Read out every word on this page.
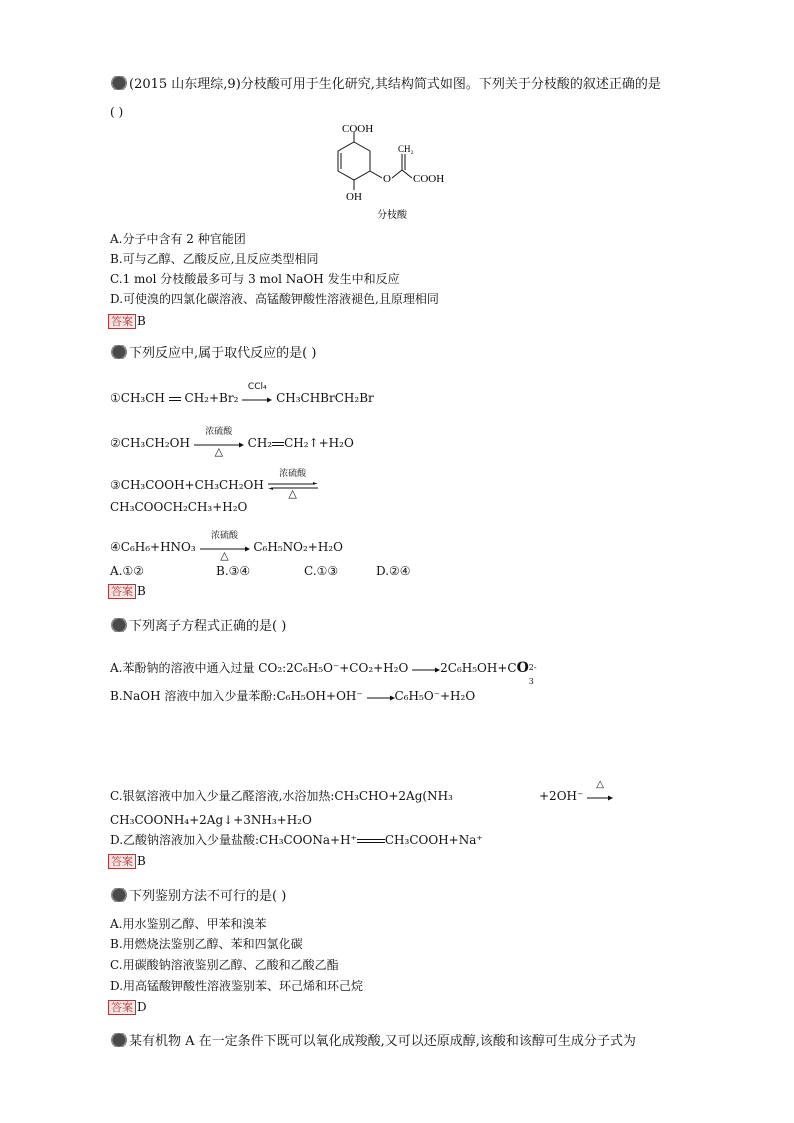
(2015 山东理综,9)分枝酸可用于生化研究,其结构简式如图。下列关于分枝酸的叙述正确的是
( )
COOH
CH₂
O COOH
OH
分枝酸
A.分子中含有 2 种官能团
B.可与乙醇、乙酸反应,且反应类型相同
C.1 mol 分枝酸最多可与 3 mol NaOH 发生中和反应
D.可使溴的四氯化碳溶液、高锰酸钾酸性溶液褪色,且原理相同
答案 B
下列反应中,属于取代反应的是( )
①CH₃CH CH₂+Br₂
CCl₄
CH₃CHBrCH₂Br
②CH₃CH₂OH
浓硫酸
△
CH₂ CH₂↑+H₂O
③CH₃COOH+CH₃CH₂OH
浓硫酸
△
CH₃COOCH₂CH₃+H₂O
④C₆H₆+HNO₃
浓硫酸
△
C₆H₅NO₂+H₂O
A.①②	B.③④	C.①③	D.②④
答案 B
下列离子方程式正确的是( )
A.苯酚钠的溶液中通入过量 CO₂:2C₆H₅O⁻+CO₂+H₂O →2C₆H₅OH+CO 2-
3
B.NaOH 溶液中加入少量苯酚:C₆H₅OH+OH⁻ →C₆H₅O⁻+H₂O
C.银氨溶液中加入少量乙醛溶液,水浴加热:CH₃CHO+2Ag(NH₃	+2OH⁻
△
CH₃COONH₄+2Ag↓+3NH₃+H₂O
D.乙酸钠溶液加入少量盐酸:CH₃COONa+H⁺ CH₃COOH+Na⁺
答案 B
下列鉴别方法不可行的是( )
A.用水鉴别乙醇、甲苯和溴苯
B.用燃烧法鉴别乙醇、苯和四氯化碳
C.用碳酸钠溶液鉴别乙醇、乙酸和乙酸乙酯
D.用高锰酸钾酸性溶液鉴别苯、环己烯和环己烷
答案 D
某有机物 A 在一定条件下既可以氧化成羧酸,又可以还原成醇,该酸和该醇可生成分子式为
